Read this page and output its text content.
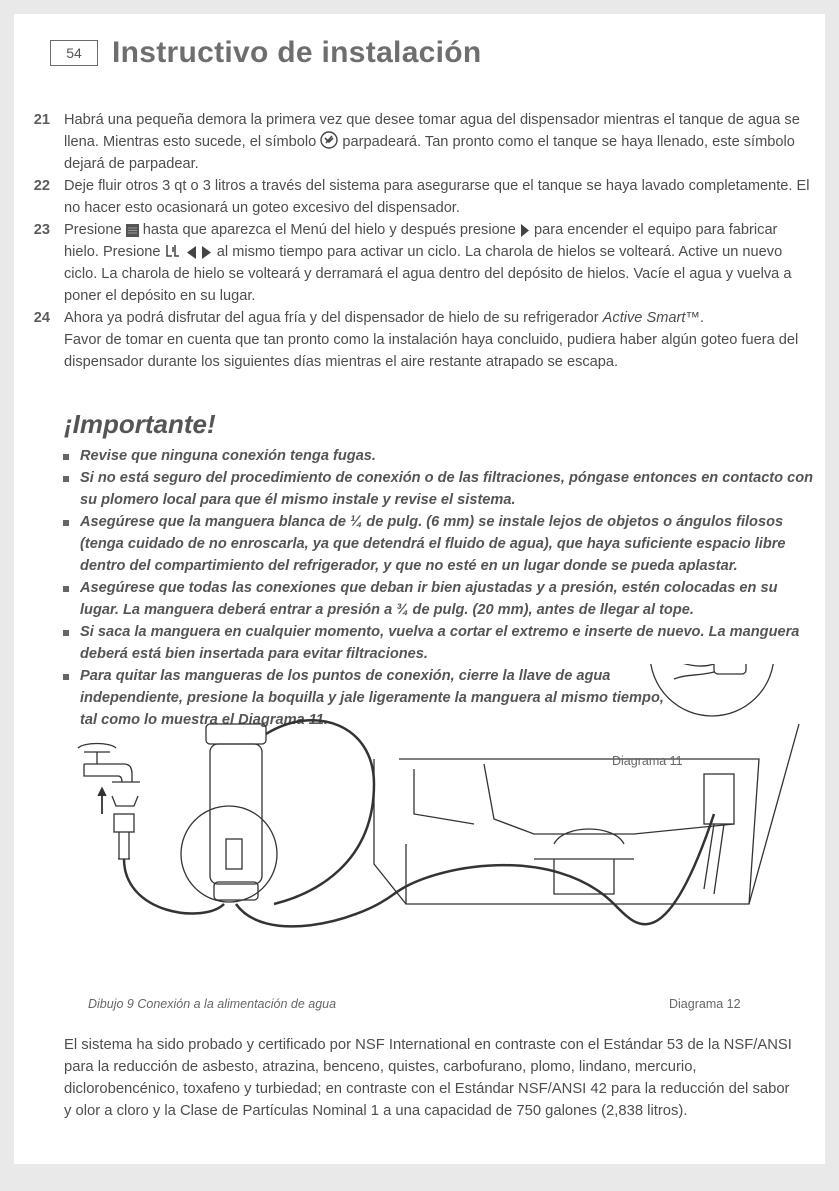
54	Instructivo de instalación
21 Habrá una pequeña demora la primera vez que desee tomar agua del dispensador mientras el tanque de agua se llena. Mientras esto sucede, el símbolo  parpadeará. Tan pronto como el tanque se haya llenado, este símbolo dejará de parpadear.
22 Deje fluir otros 3 qt o 3 litros a través del sistema para asegurarse que el tanque se haya lavado completamente. El no hacer esto ocasionará un goteo excesivo del dispensador.
23 Presione  hasta que aparezca el Menú del hielo y después presione  para encender el equipo para fabricar hielo. Presione	al mismo tiempo para activar un ciclo. La charola de hielos se volteará. Active un nuevo ciclo. La charola de hielo se volteará y derramará el agua dentro del depósito de hielos. Vacíe el agua y vuelva a poner el depósito en su lugar.
24 Ahora ya podrá disfrutar del agua fría y del dispensador de hielo de su refrigerador Active Smart™.
Favor de tomar en cuenta que tan pronto como la instalación haya concluido, pudiera haber algún goteo fuera del dispensador durante los siguientes días mientras el aire restante atrapado se escapa.
¡Importante!
Revise que ninguna conexión tenga fugas.
Si no está seguro del procedimiento de conexión o de las filtraciones, póngase entonces en contacto con su plomero local para que él mismo instale y revise el sistema.
Asegúrese que la manguera blanca de ¼ de pulg. (6 mm) se instale lejos de objetos o ángulos filosos (tenga cuidado de no enroscarla, ya que detendrá el fluido de agua), que haya suficiente espacio libre dentro del compartimiento del refrigerador, y que no esté en un lugar donde se pueda aplastar.
Asegúrese que todas las conexiones que deban ir bien ajustadas y a presión, estén colocadas en su lugar. La manguera deberá entrar a presión a ¾ de pulg. (20 mm), antes de llegar al tope.
Si saca la manguera en cualquier momento, vuelva a cortar el extremo e inserte de nuevo. La manguera deberá está bien insertada para evitar filtraciones.
Para quitar las mangueras de los puntos de conexión, cierre la llave de agua independiente, presione la boquilla y jale ligeramente la manguera al mismo tiempo, tal como lo muestra el Diagrama 11.
Diagrama 11
Dibujo 9 Conexión a la alimentación de agua	Diagrama 12
El sistema ha sido probado y certificado por NSF International en contraste con el Estándar 53 de la NSF/ANSI para la reducción de asbesto, atrazina, benceno, quistes, carbofurano, plomo, lindano, mercurio, diclorobencénico, toxafeno y turbiedad; en contraste con el Estándar NSF/ANSI 42 para la reducción del sabor y olor a cloro y la Clase de Partículas Nominal 1 a una capacidad de 750 galones (2,838 litros).
